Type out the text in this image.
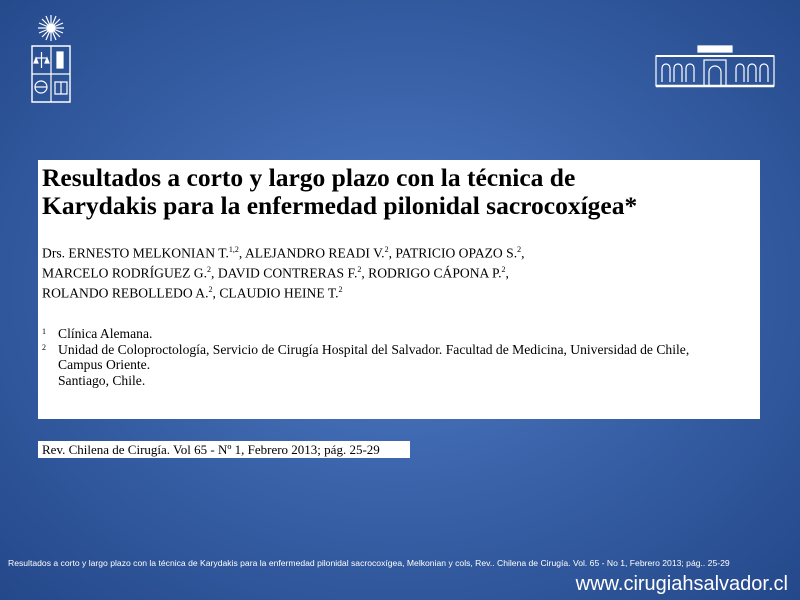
Resultados a corto y largo plazo con la técnica de
Karydakis para la enfermedad pilonidal sacrocoxígea*
Drs. ERNESTO MELKONIAN T.$^{1,2}$, ALEJANDRO READI V.$^2$, PATRICIO OPAZO S.$^2$,
MARCELO RODRÍGUEZ G.$^2$, DAVID CONTRERAS F.$^2$, RODRIGO CÁPONA P.$^2$,
ROLANDO REBOLLEDO A.$^2$, CLAUDIO HEINE T.$^2$
1 Clínica Alemana.
2 Unidad de Coloproctología, Servicio de Cirugía Hospital del Salvador. Facultad de Medicina, Universidad de Chile,
Campus Oriente.
Santiago, Chile.
Rev. Chilena de Cirugía. Vol 65 - Nº 1, Febrero 2013; pág. 25-29
Resultados a corto y largo plazo con la técnica de Karydakis para la enfermedad pilonidal sacrocoxígea, Melkonian y cols, Rev.. Chilena de Cirugía. Vol. 65 - No 1, Febrero 2013; pág.. 25-29
www.cirugiahsalvador.cl
